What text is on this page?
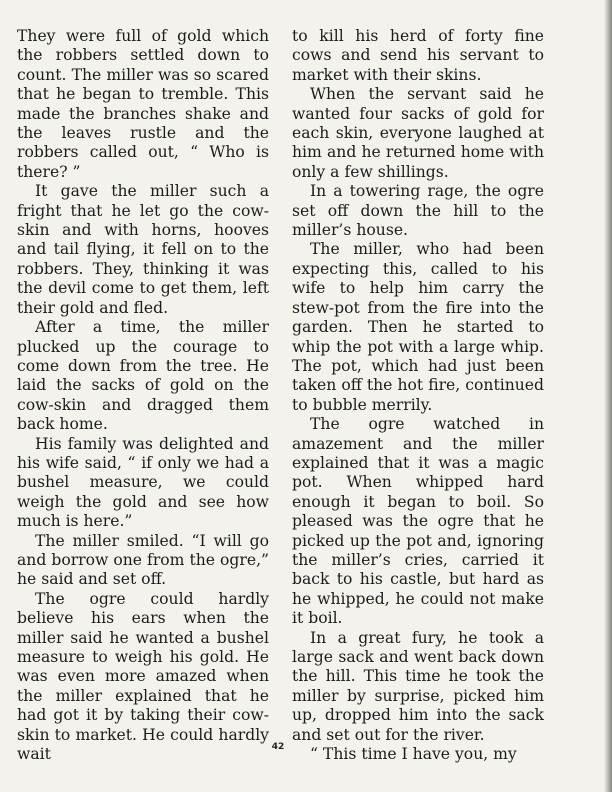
They were full of gold which the robbers settled down to count. The miller was so scared that he began to tremble. This made the branches shake and the leaves rustle and the robbers called out, “ Who is there? ”

It gave the miller such a fright that he let go the cow-skin and with horns, hooves and tail flying, it fell on to the robbers. They, thinking it was the devil come to get them, left their gold and fled.

After a time, the miller plucked up the courage to come down from the tree. He laid the sacks of gold on the cow-skin and dragged them back home.

His family was delighted and his wife said, “ if only we had a bushel measure, we could weigh the gold and see how much is here.”

The miller smiled. “I will go and borrow one from the ogre,” he said and set off.

The ogre could hardly believe his ears when the miller said he wanted a bushel measure to weigh his gold. He was even more amazed when the miller explained that he had got it by taking their cow-skin to market. He could hardly wait

to kill his herd of forty fine cows and send his servant to market with their skins.

When the servant said he wanted four sacks of gold for each skin, everyone laughed at him and he returned home with only a few shillings.

In a towering rage, the ogre set off down the hill to the miller’s house.

The miller, who had been expecting this, called to his wife to help him carry the stew-pot from the fire into the garden. Then he started to whip the pot with a large whip. The pot, which had just been taken off the hot fire, continued to bubble merrily.

The ogre watched in amazement and the miller explained that it was a magic pot. When whipped hard enough it began to boil. So pleased was the ogre that he picked up the pot and, ignoring the miller’s cries, carried it back to his castle, but hard as he whipped, he could not make it boil.

In a great fury, he took a large sack and went back down the hill. This time he took the miller by surprise, picked him up, dropped him into the sack and set out for the river.

“ This time I have you, my

42
